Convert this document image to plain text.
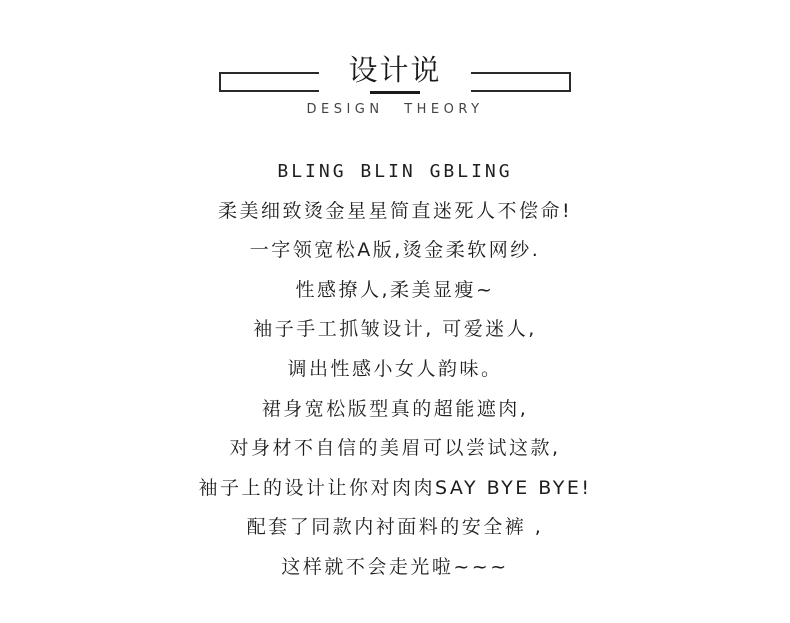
设计说
DESIGN THEORY
BLING BLIN GBLING
柔美细致烫金星星简直迷死人不偿命!
一字领宽松A版,烫金柔软网纱.
性感撩人,柔美显瘦~
袖子手工抓皱设计, 可爱迷人,
调出性感小女人韵味。
裙身宽松版型真的超能遮肉,
对身材不自信的美眉可以尝试这款,
袖子上的设计让你对肉肉SAY BYE BYE!
配套了同款内衬面料的安全裤 ,
这样就不会走光啦~~~
